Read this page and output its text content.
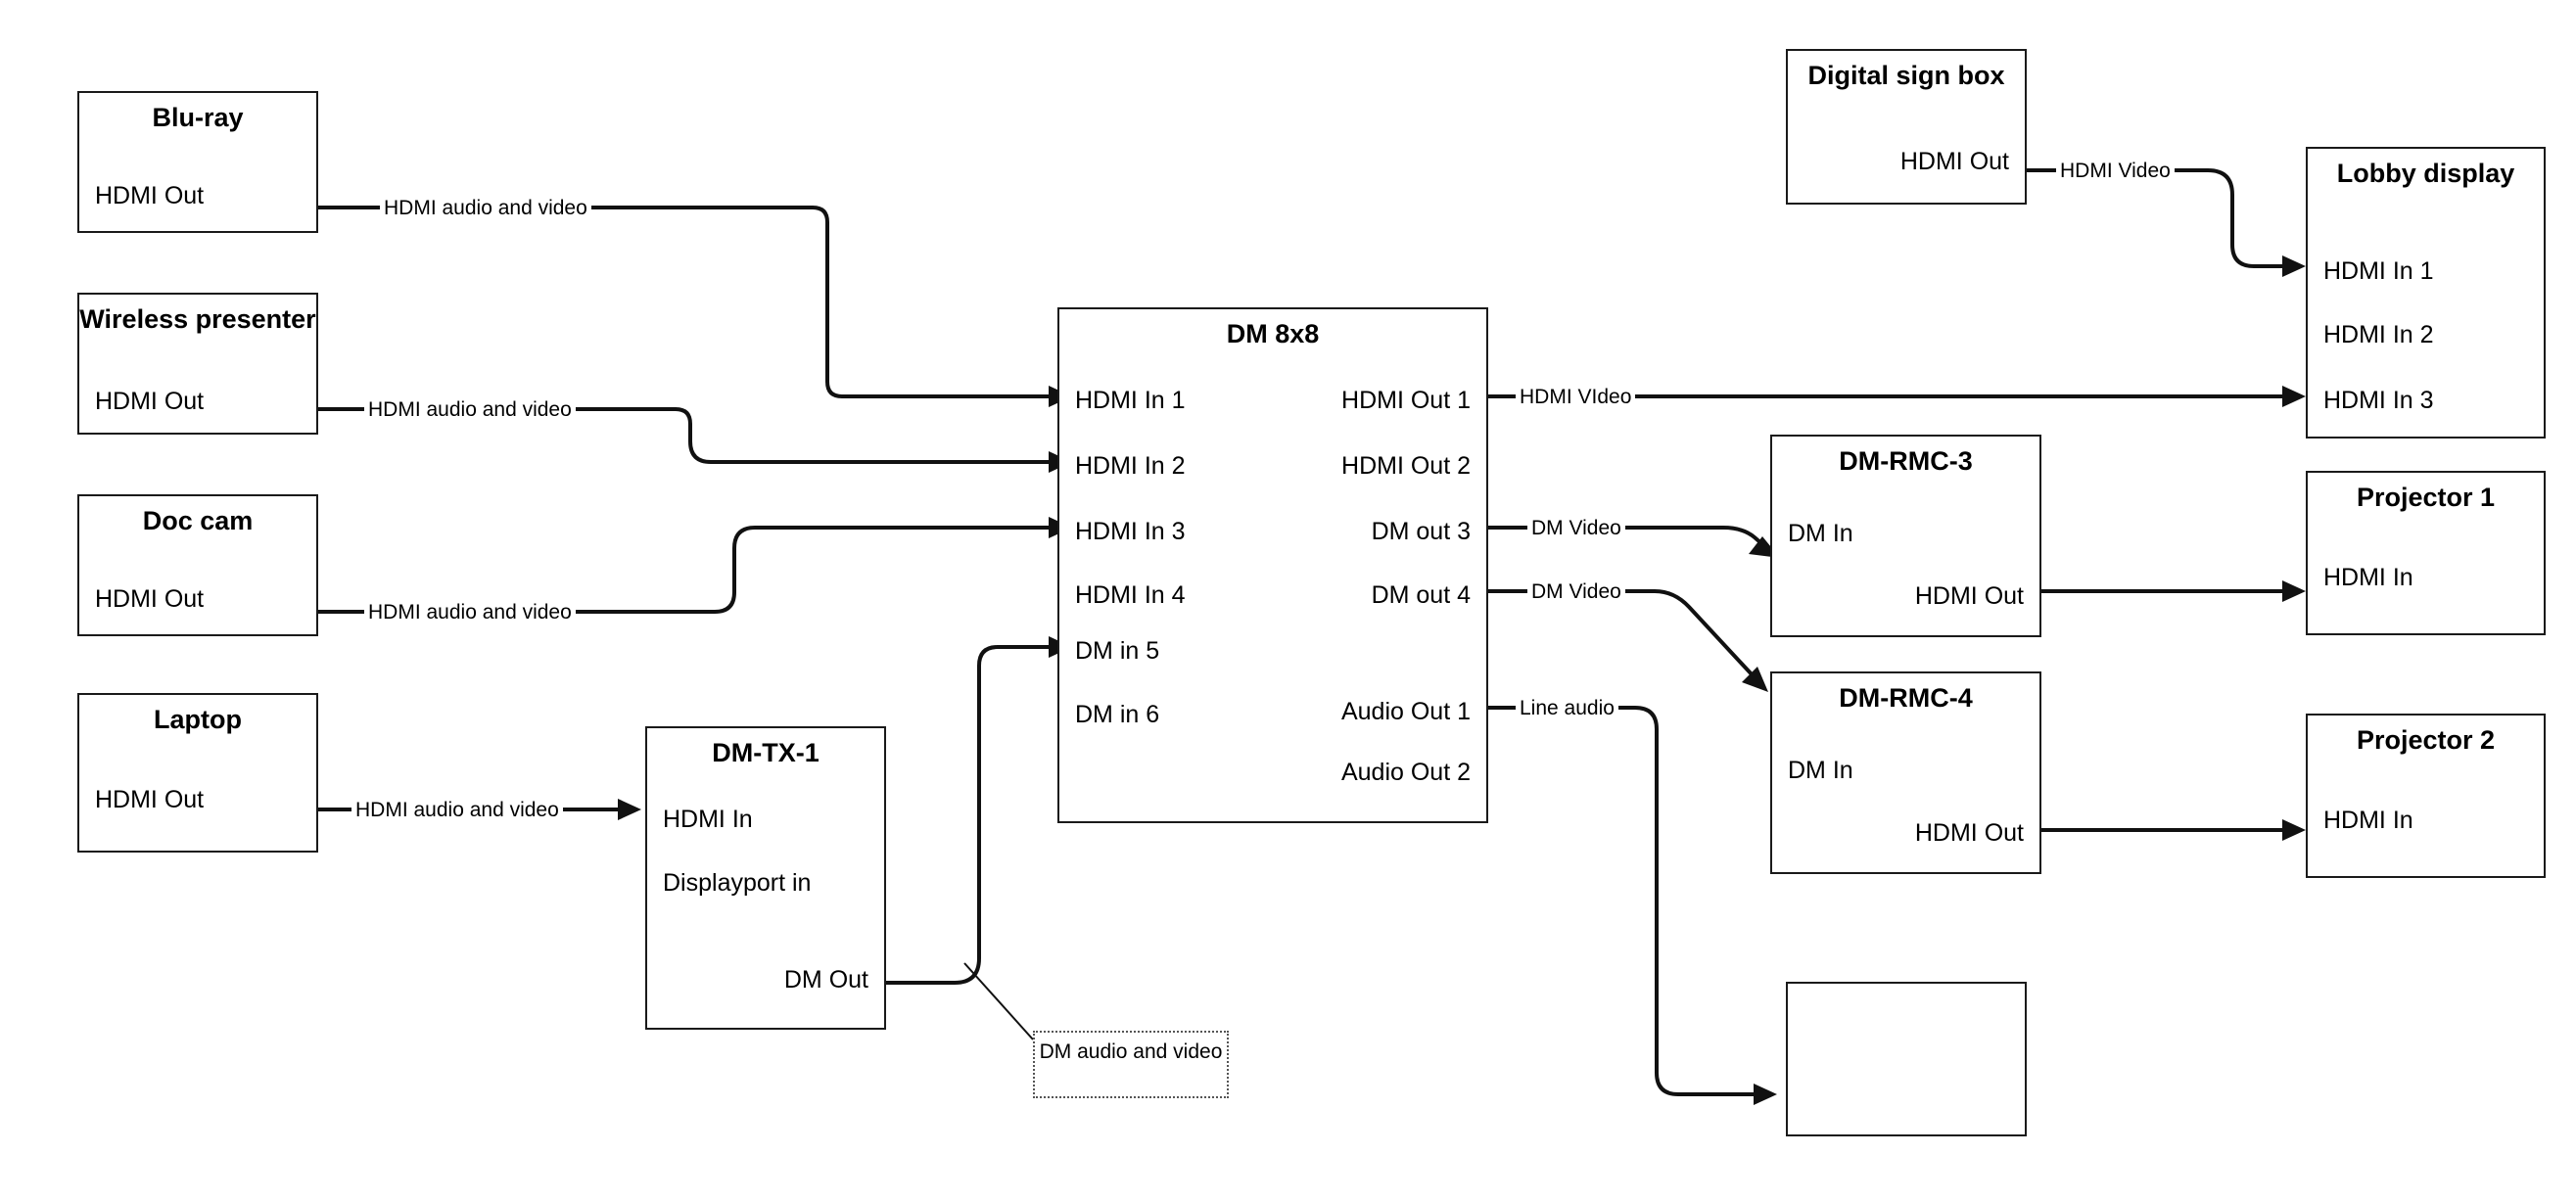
Blu-ray
HDMI Out
Wireless presenter
HDMI Out
Doc cam
HDMI Out
Laptop
HDMI Out
DM-TX-1
HDMI In
Displayport in
DM Out
DM 8x8
HDMI In 1
HDMI In 2
HDMI In 3
HDMI In 4
DM in 5
DM in 6
HDMI Out 1
HDMI Out 2
DM out 3
DM out 4
Audio Out 1
Audio Out 2
Digital sign box
HDMI Out	Lobby display
HDMI In 1
HDMI In 2
HDMI In 3
DM-RMC-3
DM In
HDMI Out
DM-RMC-4
DM In
HDMI Out
Projector 1
HDMI In
Projector 2
HDMI In
HDMI audio and video
HDMI audio and video
HDMI audio and video
HDMI audio and video
HDMI Video
HDMI VIdeo
DM Video
DM Video
Line audio
DM audio and video
